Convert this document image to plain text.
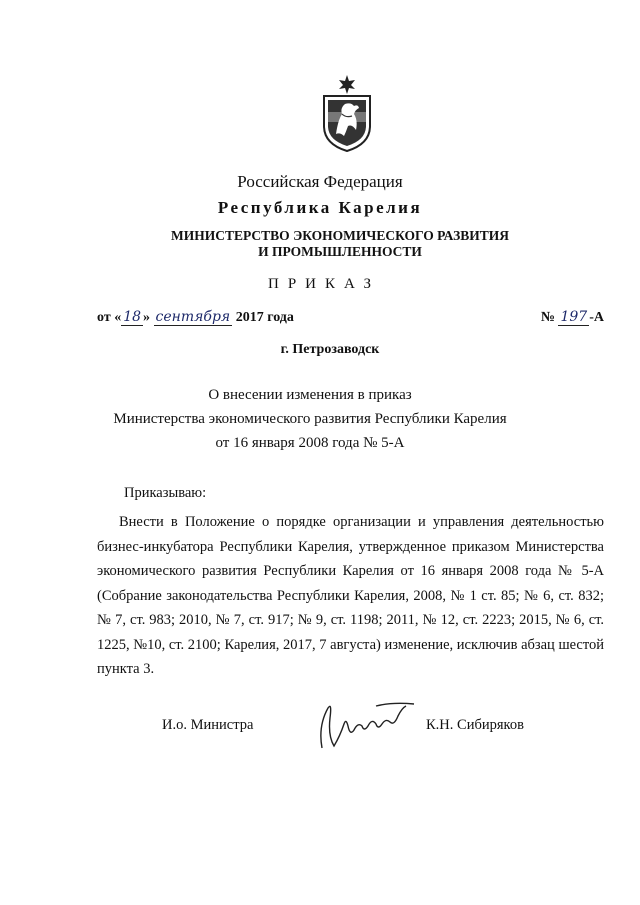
Российская Федерация
Республика Карелия
МИНИСТЕРСТВО ЭКОНОМИЧЕСКОГО РАЗВИТИЯ
И ПРОМЫШЛЕННОСТИ
ПРИКАЗ
от « 18 » сентября 2017 года	№ 197 -А
г. Петрозаводск
О внесении изменения в приказ
Министерства экономического развития Республики Карелия
от 16 января 2008 года № 5-А
Приказываю:
Внести в Положение о порядке организации и управления деятельностью бизнес-инкубатора Республики Карелия, утвержденное приказом Министерства экономического развития Республики Карелия от 16 января 2008 года № 5-А (Собрание законодательства Республики Карелия, 2008, № 1 ст. 85; № 6, ст. 832; № 7, ст. 983; 2010, № 7, ст. 917; № 9, ст. 1198; 2011, № 12, ст. 2223; 2015, № 6, ст. 1225, №10, ст. 2100; Карелия, 2017, 7 августа) изменение, исключив абзац шестой пункта 3.
И.о. Министра	К.Н. Сибиряков
